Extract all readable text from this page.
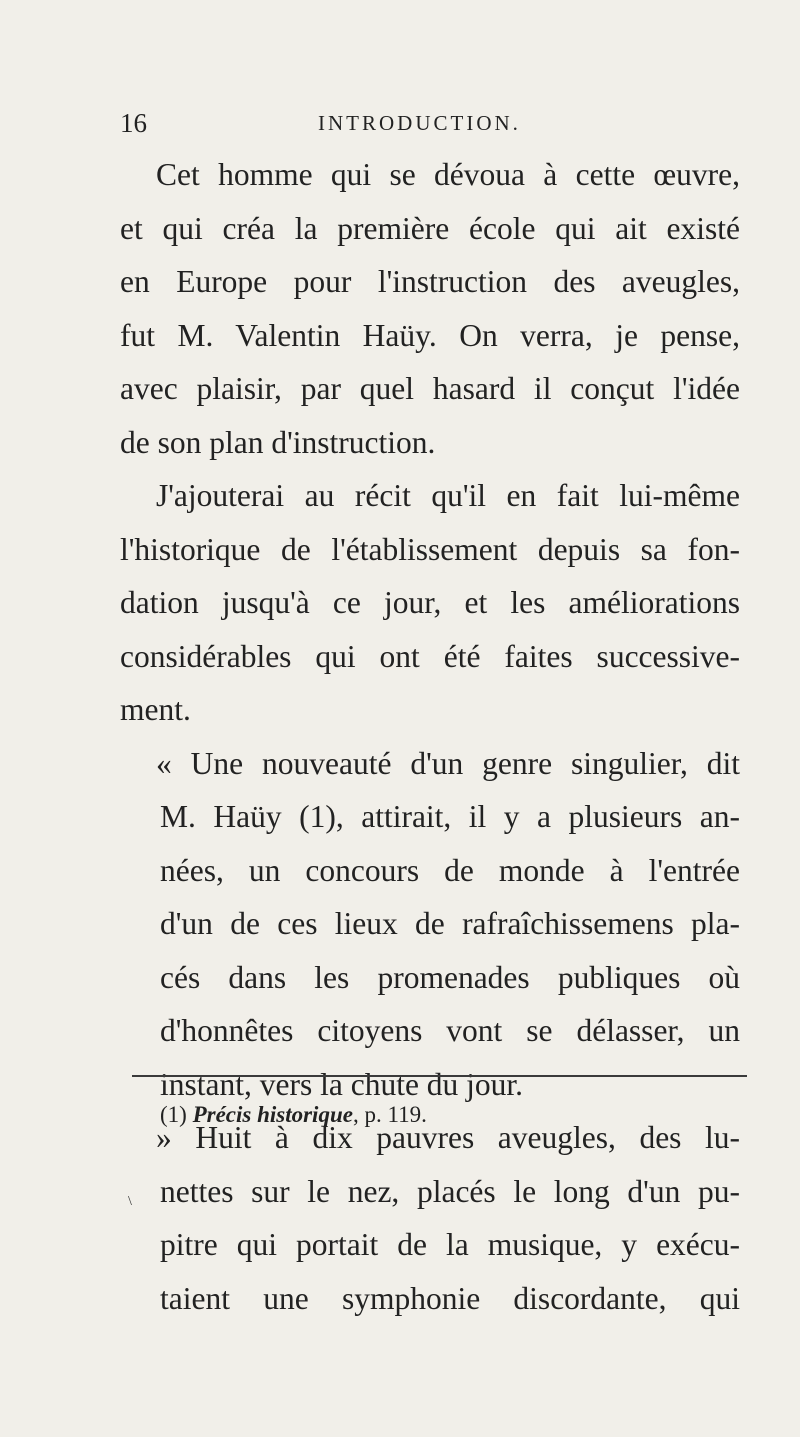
16	INTRODUCTION.
Cet homme qui se dévoua à cette œuvre,
et qui créa la première école qui ait existé
en Europe pour l'instruction des aveugles,
fut M. Valentin Haüy. On verra, je pense,
avec plaisir, par quel hasard il conçut l'idée
de son plan d'instruction.
J'ajouterai au récit qu'il en fait lui-même
l'historique de l'établissement depuis sa fon-
dation jusqu'à ce jour, et les améliorations
considérables qui ont été faites successive-
ment.
« Une nouveauté d'un genre singulier, dit
M. Haüy (1), attirait, il y a plusieurs an-
nées, un concours de monde à l'entrée
d'un de ces lieux de rafraîchissemens pla-
cés dans les promenades publiques où
d'honnêtes citoyens vont se délasser, un
instant, vers la chute du jour.
» Huit à dix pauvres aveugles, des lu-
nettes sur le nez, placés le long d'un pu-
pitre qui portait de la musique, y exécu-
taient une symphonie discordante, qui
(1) Précis historique, p. 119.
\
